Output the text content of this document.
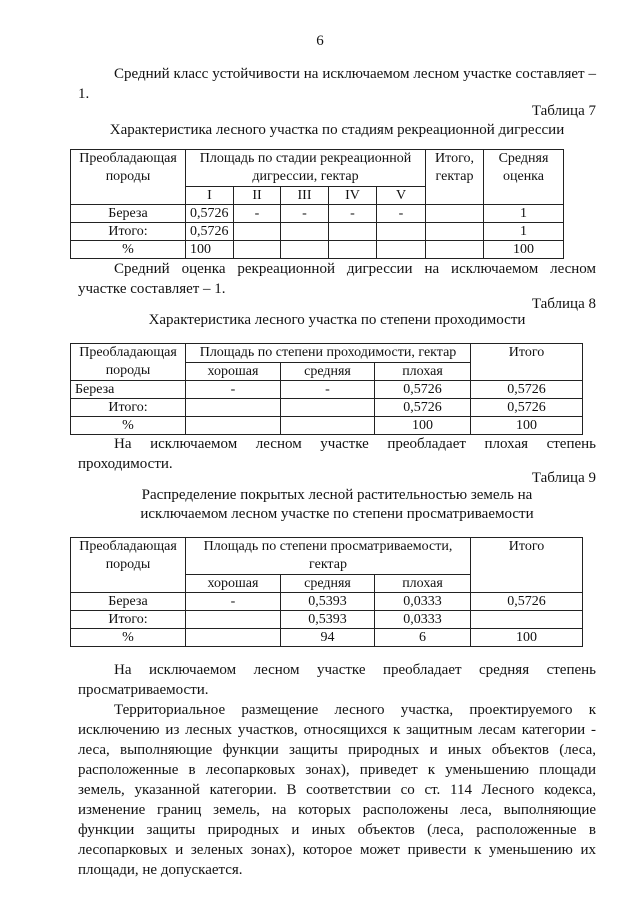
6
Средний класс устойчивости на исключаемом лесном участке составляет – 1.
Таблица 7
Характеристика лесного участка по стадиям рекреационной дигрессии
Преобладающая породы	Площадь по стадии рекреационной дигрессии, гектар					Итого, гектар	Средняя оценка
	I	II	III	IV	V		
Береза	0,5726	-	-	-	-		1
Итого:	0,5726						1
%	100						100
Средний оценка рекреационной дигрессии на исключаемом лесном участке составляет – 1.
Таблица 8
Характеристика лесного участка по степени проходимости
Преобладающая породы	Площадь по степени проходимости, гектар			Итого
	хорошая	средняя	плохая	
Береза	-	-	0,5726	0,5726
Итого:			0,5726	0,5726
%			100	100
На исключаемом лесном участке преобладает плохая степень проходимости.
Таблица 9
Распределение покрытых лесной растительностью земель на
исключаемом лесном участке по степени просматриваемости
Преобладающая породы	Площадь по степени просматриваемости, гектар			Итого
	хорошая	средняя	плохая	
Береза	-	0,5393	0,0333	0,5726
Итого:		0,5393	0,0333	
%		94	6	100
На исключаемом лесном участке преобладает средняя степень просматриваемости.
Территориальное размещение лесного участка, проектируемого к исключению из лесных участков, относящихся к защитным лесам категории - леса, выполняющие функции защиты природных и иных объектов (леса, расположенные в лесопарковых зонах), приведет к уменьшению площади земель, указанной категории. В соответствии со ст. 114 Лесного кодекса, изменение границ земель, на которых расположены леса, выполняющие функции защиты природных и иных объектов (леса, расположенные в лесопарковых и зеленых зонах), которое может привести к уменьшению их площади, не допускается.
